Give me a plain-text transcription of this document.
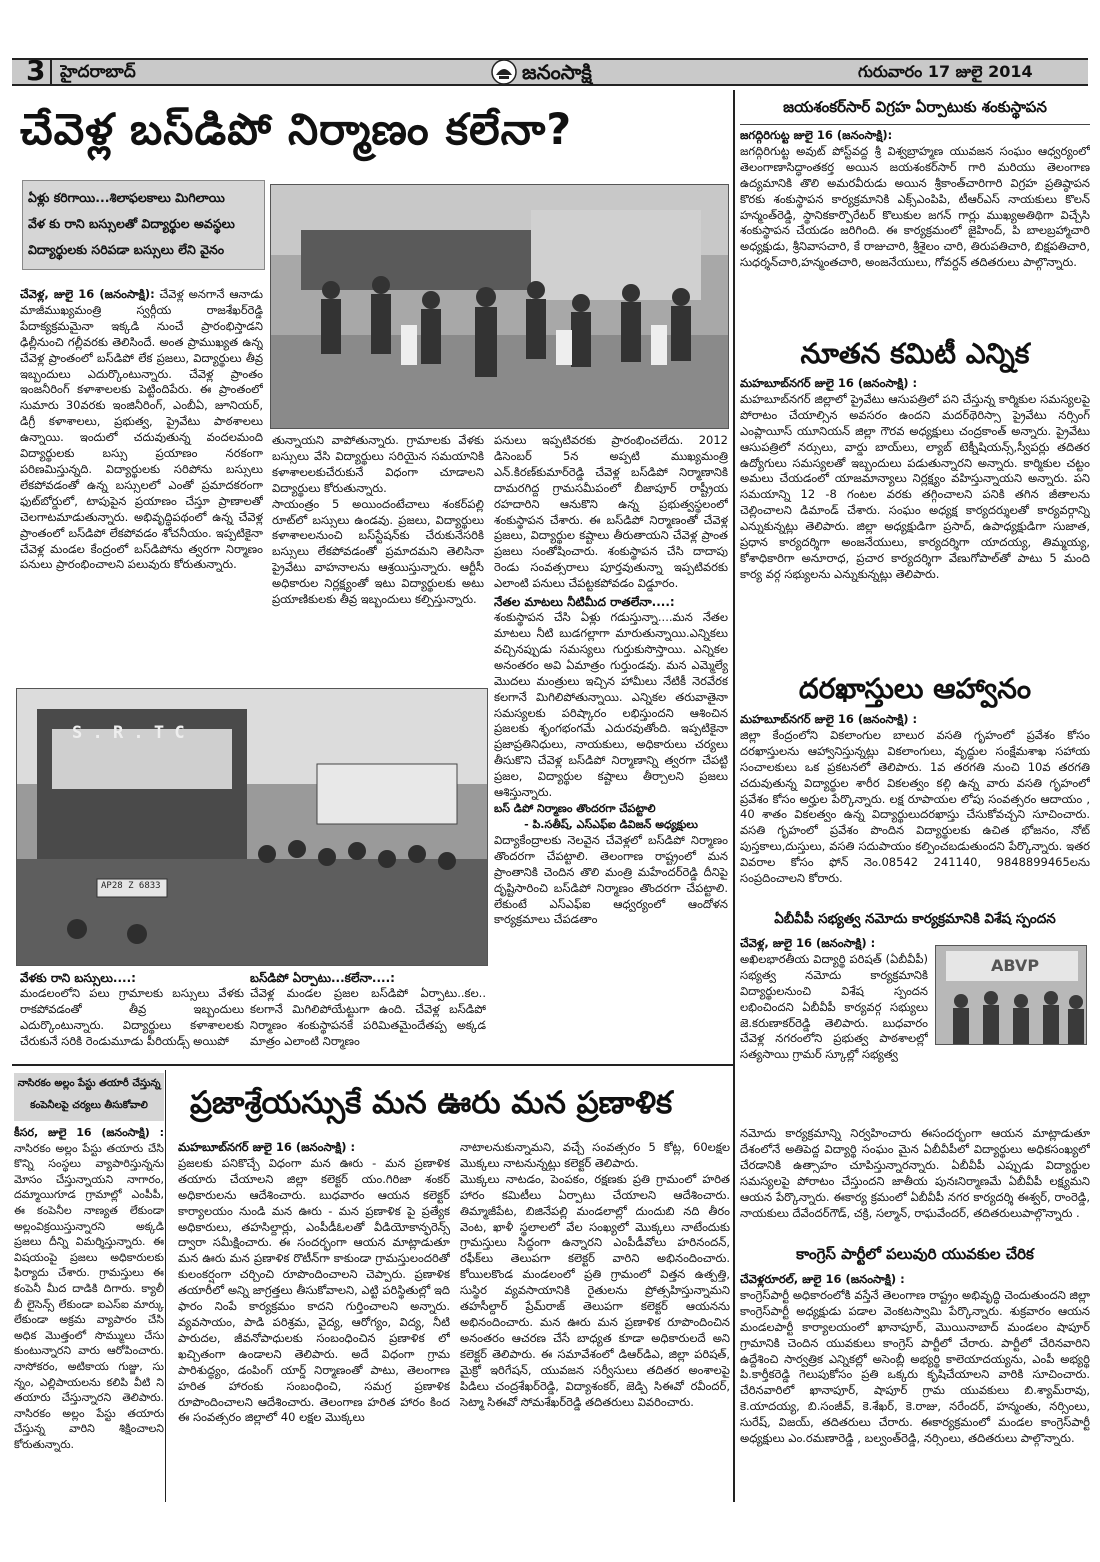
3 హైదరాబాద్	జనంసాక్షి	గురువారం 17 జులై 2014
చేవెళ్ల బస్‌డిపో నిర్మాణం కలేనా?
ఏళ్లు కరిగాయి...శిలాఫలకాలు మిగిలాయి
వేళ కు రాని బస్సులతో విద్యార్థుల అవస్థలు
విద్యార్థులకు సరిపడా బస్సులు లేని వైనం
S . R . T C
AP28 Z 6833
చేవెళ్ల, జులై 16 (జనంసాక్షి): చేవెళ్ల అనగానే ఆనాడు మాజీముఖ్యమంత్రి స్వర్గీయ రాజశేఖర్‌రెడ్డి పేదాక్యక్రమమైనా ఇక్కడి నుంచే ప్రారంభిస్తాడని ఢిల్లీనుంచి గల్లీవరకు తెలిసిందే. అంత ప్రాముఖ్యత ఉన్న చేవెళ్ల ప్రాంతంలో బస్‌డిపో లేక ప్రజలు, విద్యార్థులు తీవ్ర ఇబ్బందులు ఎదుర్కొంటున్నారు. చేవెళ్ల ప్రాంతం ఇంజనీరింగ్ కళాశాలలకు పెట్టిందిపేరు. ఈ ప్రాంతంలో సుమారు 30వరకు ఇంజినీరింగ్, ఎంబీఏ, జూనియర్, డిగ్రీ కళాశాలలు, ప్రభుత్వ, ప్రైవేటు పాఠశాలలు ఉన్నాయి. ఇందులో చదువుతున్న వందలమంది విద్యార్థులకు బస్సు ప్రయాణం నరకంగా పరిణమిస్తున్నది. విద్యార్థులకు సరిపోను బస్సులు లేకపోవడంతో ఉన్న బస్సులలో ఎంతో ప్రమాదకరంగా ఫుట్‌బోర్డులో, టాపుపైన ప్రయాణం చేస్తూ ప్రాణాలతో చెలగాటమాడుతున్నారు. అభివృద్ధిపథంలో ఉన్న చేవెళ్ల ప్రాంతంలో బస్‌డిపో లేకపోవడం శోచనీయం. ఇప్పటికైనా చేవెళ్ల మండల కేంద్రంలో బస్‌డిపోను త్వరగా నిర్మాణం పనులు ప్రారంభించాలని పలువురు కోరుతున్నారు.
తున్నాయని వాపోతున్నారు. గ్రామాలకు వేళకు బస్సులు వేసి విద్యార్థులు సరియైన సమయానికి కళాశాలలకుచేరుకునే విధంగా చూడాలని విద్యార్థులు కోరుతున్నారు.
సాయంత్రం 5 అయిందంటేచాలు శంకర్‌పల్లి రూట్‌లో బస్సులు ఉండవు. ప్రజలు, విద్యార్థులు కళాశాలలనుంచి బస్‌స్టేషన్‌కు చేరుకునేసరికి బస్సులు లేకపోవడంతో ప్రమాదమని తెలిసినా ప్రైవేటు వాహనాలను ఆశ్రయిస్తున్నారు. ఆర్టీసీ అధికారుల నిర్లక్ష్యంతో ఇటు విద్యార్థులకు అటు ప్రయాణికులకు తీవ్ర ఇబ్బందులు కల్పిస్తున్నారు.
పనులు ఇప్పటివరకు ప్రారంభించలేదు. 2012 డిసెంబర్ 5న అప్పటి ముఖ్యమంత్రి ఎన్.కిరణ్‌కుమార్‌రెడ్డి చేవెళ్ల బస్‌డిపో నిర్మాణానికి దామరగిద్ద గ్రామసమీపంలో బీజాపూర్ రాష్ట్రీయ రహదారిని ఆనుకొని ఉన్న ప్రభుత్వస్థలంలో శంకుస్థాపన చేశారు. ఈ బస్‌డిపో నిర్మాణంతో చేవెళ్ల ప్రజలు, విద్యార్థుల కష్టాలు తీరుతాయని చేవెళ్ల ప్రాంత ప్రజలు సంతోషించారు. శంకుస్థాపన చేసి దాదాపు రెండు సంవత్సరాలు పూర్తవుతున్నా ఇప్పటివరకు ఎలాంటి పనులు చేపట్టకపోవడం విడ్డూరం.
నేతల మాటలు నీటిమీద రాతలేనా....:
శంకుస్థాపన చేసి ఏళ్లు గడుస్తున్నా....మన నేతల మాటలు నీటి బుడగల్లాగా మారుతున్నాయి.ఎన్నికలు వచ్చినప్పుడు సమస్యలు గుర్తుకుసొస్తాయి. ఎన్నికల అనంతరం అవి ఏమాత్రం గుర్తుండవు. మన ఎమ్మెల్యే మొదలు మంత్రులు ఇచ్చిన హామీలు నేటికీ నెరవేరక కలగానే మిగిలిపోతున్నాయి. ఎన్నికల తరువాతైనా సమస్యలకు పరిష్కారం లభిస్తుందని ఆశించిన ప్రజలకు శృంగభంగమే ఎదురవుతోంది. ఇప్పటికైనా ప్రజాప్రతినిధులు, నాయకులు, అధికారులు చర్యలు తీసుకొని చేవెళ్ల బస్‌డిపో నిర్మాణాన్ని త్వరగా చేపట్టి ప్రజల, విద్యార్థుల కష్టాలు తీర్చాలని ప్రజలు ఆశిస్తున్నారు.
బస్ డిపో నిర్మాణం తొందరగా చేపట్టాలి
- పి.సతీష్, ఎస్ఎఫ్ఐ డివిజన్ అధ్యక్షులు
విద్యాకేంద్రాలకు నెలవైన చేవెళ్లలో బస్‌డిపో నిర్మాణం తొందరగా చేపట్టాలి. తెలంగాణ రాష్ట్రంలో మన ప్రాంతానికి చెందిన తొలి మంత్రి మహేందర్‌రెడ్డి దీనిపై దృష్టిసారించి బస్‌డిపో నిర్మాణం తొందరగా చేపట్టాలి. లేకుంటే ఎస్ఎఫ్ఐ ఆధ్వర్యంలో ఆందోళన కార్యక్రమాలు చేపడతాం
వేళకు రాని బస్సులు....:
మండలంలోని పలు గ్రామాలకు బస్సులు వేళకు రాకపోవడంతో తీవ్ర ఇబ్బందులు ఎదుర్కొంటున్నారు. విద్యార్థులు కళాశాలలకు చేరుకునే సరికి రెండుమూడు పీరియడ్స్ అయిపో
బస్‌డిపో ఏర్పాటు...కలేనా....:
చేవెళ్ల మండల ప్రజల బస్‌డిపో ఏర్పాటు..కల.. కలగానే మిగిలిపోయేట్టుగా ఉంది. చేవెళ్ల బస్‌డిపో నిర్మాణం శంకుస్థాపనకే పరిమితమైందేతప్ప అక్కడ మాత్రం ఎలాంటి నిర్మాణం
నాసిరకం అల్లం పేస్టు తయారీ చేస్తున్న
కంపెనీలపై చర్యలు తీసుకోవాలి
కీసర, జులై 16 (జనంసాక్షి) : నాసిరకం అల్లం పేస్టు తయారు చేసి కొన్ని సంస్థలు వ్యాపారిస్తున్నను మోసం చేస్తున్నాయని నాగారం, దమ్మాయిగూడ గ్రామాల్లో ఎంపీపీ, ఈ కంపెనీల నాణ్యత లేకుండా అల్లంవిక్రయిస్తున్నారని అక్కడి ప్రజలు దీన్ని విమర్శిస్తున్నారు. ఈ విషయంపై ప్రజలు అధికారులకు ఫిర్యాదు చేశారు. గ్రామస్తులు ఈ కంపెనీ మీద దాడికి దిగారు. క్యాలీ బీ లైసెన్స్ లేకుండా ఐఎస్ఐ మార్కు లేకుండా అక్రమ వ్యాపారం చేసి అధిక మొత్తంలో సొమ్ములు చేసు కుంటున్నారని వారు ఆరోపించారు. నాసోకరం, అటికాయ గుజ్జు, సు న్నం, ఎల్లిపాయలను కలిపి వీటి ని తయారు చేస్తున్నారని తెలిపారు. నాసిరకం అల్లం పేస్టు తయారు చేస్తున్న వారిని శిక్షించాలని కోరుతున్నారు.
ప్రజాశ్రేయస్సుకే మన ఊరు మన ప్రణాళిక
మహబూబ్‌నగర్ జులై 16 (జనంసాక్షి) :
ప్రజలకు పనికొచ్చే విధంగా మన ఊరు - మన ప్రణాళిక తయారు చేయాలని జిల్లా కలెక్టర్ యం.గిరిజా శంకర్ అధికారులను ఆదేశించారు. బుధవారం ఆయన కలెక్టర్ కార్యాలయం నుండి మన ఊరు - మన ప్రణాళిక పై ప్రత్యేక అధికారులు, తహసిల్దార్లు, ఎంపీడీఓలతో వీడియోకాన్ఫరెన్స్ ద్వారా సమీక్షించారు. ఈ సందర్భంగా ఆయన మాట్లాడుతూ మన ఊరు మన ప్రణాళిక రొటీన్‌గా కాకుండా గ్రామస్తులందరితో కులంకర్షంగా చర్చించి రూపొందించాలని చెప్పారు. ప్రణాళిక తయారీలో అన్ని జాగ్రత్తలు తీసుకోవాలని, ఎట్టి పరిస్థితుల్లో ఇది ఫారం నింపే కార్యక్రమం కాదని గుర్తించాలని అన్నారు. వ్యవసాయం, పాడి పరిశ్రమ, వైద్య, ఆరోగ్యం, విద్య, నీటి పారుదల, జీవనోపాధులకు సంబంధించిన ప్రణాళిక లో ఖచ్చితంగా ఉండాలని తెలిపారు. అదే విధంగా గ్రామ పారిశుద్ధ్యం, డంపింగ్ యార్డ్ నిర్మాణంతో పాటు, తెలంగాణ హరిత హారంకు సంబంధించి, సమగ్ర ప్రణాళిక రూపొందించాలని ఆదేశించారు. తెలంగాణ హరిత హారం కింద ఈ సంవత్సరం జిల్లాలో 40 లక్షల మొక్కలు
నాటాలనుకున్నామని, వచ్చే సంవత్సరం 5 కోట్ల, 60లక్షల మొక్కలు నాటనున్నట్లు కలెక్టర్ తెలిపారు.
మొక్కలు నాటడం, పెంపకం, రక్షణకు ప్రతి గ్రామంలో హరిత హారం కమిటీలు ఏర్పాటు చేయాలని ఆదేశించారు. తిమ్మాజీపేట, బిజినేపల్లి మండలాల్లో దుందుబి నది తీరం వెంట, ఖాళీ స్థలాలలో వేల సంఖ్యలో మొక్కలు నాటేందుకు గ్రామస్తులు సిద్ధంగా ఉన్నారని ఎంపీడీవోలు హరినందన్, రఫీక్‌లు తెలుపగా కలెక్టర్ వారిని అభినందించారు. కోయిలకొండ మండలంలో ప్రతి గ్రామంలో విత్తన ఉత్పత్తి, సుస్థిర వ్యవసాయానికి రైతులను ప్రోత్సహిస్తున్నామని తహసీల్దార్ ప్రేమ్‌రాజ్ తెలుపగా కలెక్టర్ ఆయనను అభినందించారు. మన ఊరు మన ప్రణాళిక రూపొందించిన అనంతరం ఆచరణ చేసే బాధ్యత కూడా అధికారులదే అని కలెక్టర్ తెలిపారు. ఈ సమావేశంలో డిఆర్‌డిఎ, జిల్లా పరిషత్, మైక్రో ఇరిగేషన్, యువజన సర్వీసులు తదితర అంశాలపై పిడిలు చంద్రశేఖర్‌రెడ్డి, విద్యాశంకర్, జెడ్పి సిఈవో రవీందర్, సెట్మా సిఈవో సోమశేఖర్‌రెడ్డి తదితరులు వివరించారు.
జయశంకర్‌సార్ విగ్రహ ఏర్పాటుకు శంకుస్థాపన
జగద్గిరిగుట్ట జులై 16 (జనంసాక్షి):
జగద్గిరిగుట్ట అవుట్ పోస్ట్‌వద్ద శ్రీ విశ్వబ్రాహ్మణ యువజన సంఘం ఆధ్వర్యంలో తెలంగాణాసిద్ధాంతకర్త అయిన జయశంకర్‌సార్ గారి మరియు తెలంగాణ ఉద్యమానికి తొలి అమరవీరుడు అయిన శ్రీకాంత్‌చారిగారి విగ్రహ ప్రతిష్ఠాపన కొరకు శంకుస్థాపన కార్యక్రమానికి ఎక్స్‌ఎంపిపి, టీఆర్ఎస్ నాయకులు కొలన్ హన్మంత్‌రెడ్డి, స్థానికకార్పొరేటర్ కొలుకుల జగన్ గార్లు ముఖ్యఅతిథిగా విచ్చేసి శంకుస్థాపన చేయడం జరిగింది. ఈ కార్యక్రమంలో జైహింద్, పి బాలబ్రహ్మాచారి అధ్యక్షుడు, శ్రీనివాసచారి, కే రాజుచారి, శ్రీశైలం చారి, తిరుపతిచారి, బిక్షపతిచారి, సుధర్శన్‌చారి,హన్మంతచారి, అంజనేయులు, గోవర్దన్ తదితరులు పాల్గొన్నారు.
నూతన కమిటీ ఎన్నిక
మహబూబ్‌నగర్ జులై 16 (జనంసాక్షి) :
మహబూబ్‌నగర్ జిల్లాలో ప్రైవేటు ఆసుపత్రిలో పని చేస్తున్న కార్మికుల సమస్యలపై పోరాటం చేయాల్సిన అవసరం ఉందని మదర్‌థెరిస్సా ప్రైవేటు నర్సింగ్ ఎంప్లాయీస్ యూనియన్ జిల్లా గౌరవ అధ్యక్షులు చంద్రకాంత్ అన్నారు. ప్రైవేటు ఆసుపత్రిలో నర్సులు, వార్డు బాయ్‌లు, ల్యాబ్ టెక్నీషియన్స్,స్వీపర్లు తదితర ఉద్యోగులు సమస్యలతో ఇబ్బందులు పడుతున్నారని అన్నారు. కార్మికుల చట్టం అమలు చేయడంలో యాజమాన్యాలు నిర్లక్ష్యం వహిస్తున్నాయని అన్నారు. పని సమయాన్ని 12 -8 గంటల వరకు తగ్గించాలని పనికి తగిన జీతాలను చెల్లించాలని డిమాండ్ చేశారు. సంఘం అధ్యక్ష కార్యదర్శులతో కార్యవర్గాన్ని ఎన్నుకున్నట్లు తెలిపారు. జిల్లా అధ్యక్షుడిగా ప్రసాద్, ఉపాధ్యక్షుడిగా సుజాత, ప్రధాన కార్యదర్శిగా అంజనేయులు, కార్యదర్శిగా యాదయ్య, తిమ్మయ్య, కోశాధికారిగా అనూరాధ, ప్రచార కార్యదర్శిగా వేణుగోపాల్‌తో పాటు 5 మంది కార్య వర్గ సభ్యులను ఎన్నుకున్నట్లు తెలిపారు.
దరఖాస్తులు ఆహ్వానం
మహబూబ్‌నగర్ జులై 16 (జనంసాక్షి) :
జిల్లా కేంద్రంలోని వికలాంగుల బాలుర వసతి గృహంలో ప్రవేశం కోసం దరఖాస్తులను ఆహ్వానిస్తున్నట్లు వికలాంగులు, వృద్ధుల సంక్షేమశాఖ సహాయ సంచాలకులు ఒక ప్రకటనలో తెలిపారు. 1వ తరగతి నుంచి 10వ తరగతి చదువుతున్న విద్యార్థుల శారీర వికలత్వం కల్గి ఉన్న వారు వసతి గృహంలో ప్రవేశం కోసం అర్హుల పేర్కొన్నారు. లక్ష రూపాయల లోపు సంవత్సరం ఆదాయం , 40 శాతం వికలత్వం ఉన్న విద్యార్థులుదరఖాస్తు చేసుకోవచ్చని సూచించారు. వసతి గృహంలో ప్రవేశం పొందిన విద్యార్థులకు ఉచిత భోజనం, నోట్ పుస్తకాలు,దుస్తులు, వసతి సదుపాయం కల్పించబడుతుందని పేర్కొన్నారు. ఇతర వివరాల కోసం ఫోన్ నెం.08542 241140, 9848899465లను సంప్రదించాలని కోరారు.
ఏబీవీపీ సభ్యత్వ నమోదు కార్యక్రమానికి విశేష స్పందన
చేవెళ్ల, జులై 16 (జనంసాక్షి) :
అఖిలభారతీయ విద్యార్థి పరిషత్ (ఏబీవీపీ) సభ్యత్వ నమోదు కార్యక్రమానికి విద్యార్థులనుంచి విశేష స్పందన లభించిందని ఏబీవీపీ కార్యవర్గ సభ్యులు జె.కరుణాకర్‌రెడ్డి తెలిపారు. బుధవారం చేవెళ్ల నగరంలోని ప్రభుత్వ పాఠశాలల్లో సత్యసాయి గ్రామర్ స్కూల్లో సభ్యత్వ
ABVP
నమోదు కార్యక్రమాన్ని నిర్వహించారు ఈసందర్భంగా ఆయన మాట్లాడుతూ దేశంలోనే అతిపెద్ద విద్యార్థి సంఘం మైన ఏబీవీపీలో విద్యార్థులు అధికసంఖ్యలో చేరడానికి ఉత్సాహం చూపిస్తున్నారన్నారు. ఏబీవీపీ ఎప్పుడు విద్యార్థుల సమస్యలపై పోరాటం చేస్తుందని జాతీయ పునఃనిర్మాణమే ఏబీవీపీ లక్ష్యమని ఆయన పేర్కొన్నారు. ఈకార్య క్రమంలో ఏబీవీపీ నగర కార్యదర్శి ఈశ్వర్, రాంరెడ్డి, నాయకులు దేవేందర్‌గౌడ్, చక్రి, సల్మాన్, రాఘవేందర్, తదితరులుపాల్గొన్నారు .
కాంగ్రెస్ పార్టీలో పలువురి యువకుల చేరిక
చేవెళ్లరూరల్, జులై 16 (జనంసాక్షి) :
కాంగ్రెస్‌పార్టీ అధికారంలోకి వస్తేనే తెలంగాణ రాష్ట్రం అభివృద్ధి చెందుతుందని జిల్లా కాంగ్రెస్‌పార్టీ అధ్యక్షుడు పడాల వెంకటస్వామి పేర్కొన్నారు. శుక్రవారం ఆయన మండలపార్టీ కార్యాలయంలో ఖానాపూర్, మొయినాబాద్ మండలం షాపూర్ గ్రామానికి చెందిన యువకులు కాంగ్రెస్ పార్టీలో చేరారు. పార్టీలో చేరినవారిని ఉద్దేశించి సార్వత్రిక ఎన్నికల్లో అసెంబ్లీ అభ్యర్థి కాలెయాదయ్యను, ఎంపీ అభ్యర్థి పి.కార్తీకరెడ్డి గెలుపుకోసం ప్రతి ఒక్కరు కృషిచేయాలని వారికి సూచించారు. చేరినవారిలో ఖానాపూర్, షాపూర్ గ్రామ యువకులు బి.శ్యామ్‌రావు, కె.యాదయ్య, బి.సంజీవ్, కె.శేఖర్, కె.రాజు, నరేందర్, హన్మంతు, నర్సింలు, సురేష్, విజయ్, తదితరులు చేరారు. ఈకార్యక్రమంలో మండల కాంగ్రెస్‌పార్టీ అధ్యక్షులు ఎం.రమణారెడ్డి , బల్వంత్‌రెడ్డి, నర్సింలు, తదితరులు పాల్గొన్నారు.
